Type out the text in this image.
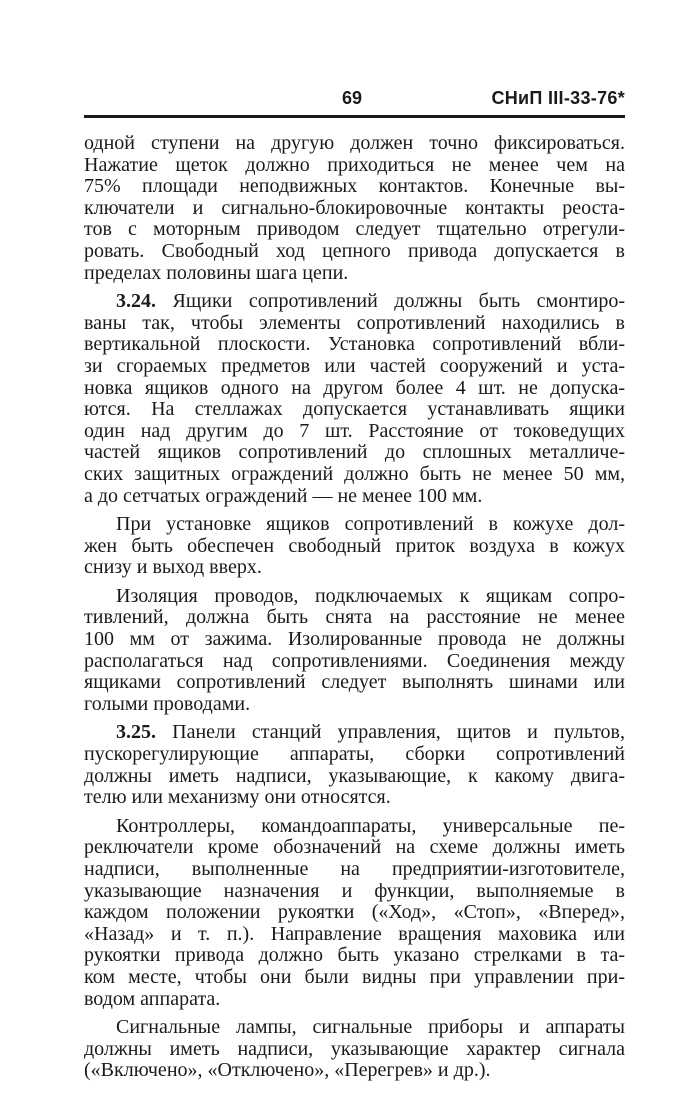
69	СНиП III-33-76*
одной ступени на другую должен точно фиксироваться.
Нажатие щеток должно приходиться не менее чем на
75% площади неподвижных контактов. Конечные вы-
ключатели и сигнально-блокировочные контакты реоста-
тов с моторным приводом следует тщательно отрегули-
ровать. Свободный ход цепного привода допускается в
пределах половины шага цепи.
3.24. Ящики сопротивлений должны быть смонтиро-
ваны так, чтобы элементы сопротивлений находились в
вертикальной плоскости. Установка сопротивлений вбли-
зи сгораемых предметов или частей сооружений и уста-
новка ящиков одного на другом более 4 шт. не допуска-
ются. На стеллажах допускается устанавливать ящики
один над другим до 7 шт. Расстояние от токоведущих
частей ящиков сопротивлений до сплошных металличе-
ских защитных ограждений должно быть не менее 50 мм,
а до сетчатых ограждений — не менее 100 мм.
При установке ящиков сопротивлений в кожухе дол-
жен быть обеспечен свободный приток воздуха в кожух
снизу и выход вверх.
Изоляция проводов, подключаемых к ящикам сопро-
тивлений, должна быть снята на расстояние не менее
100 мм от зажима. Изолированные провода не должны
располагаться над сопротивлениями. Соединения между
ящиками сопротивлений следует выполнять шинами или
голыми проводами.
3.25. Панели станций управления, щитов и пультов,
пускорегулирующие аппараты, сборки сопротивлений
должны иметь надписи, указывающие, к какому двига-
телю или механизму они относятся.
Контроллеры, командоаппараты, универсальные пе-
реключатели кроме обозначений на схеме должны иметь
надписи, выполненные на предприятии-изготовителе,
указывающие назначения и функции, выполняемые в
каждом положении рукоятки («Ход», «Стоп», «Вперед»,
«Назад» и т. п.). Направление вращения маховика или
рукоятки привода должно быть указано стрелками в та-
ком месте, чтобы они были видны при управлении при-
водом аппарата.
Сигнальные лампы, сигнальные приборы и аппараты
должны иметь надписи, указывающие характер сигнала
(«Включено», «Отключено», «Перегрев» и др.).
